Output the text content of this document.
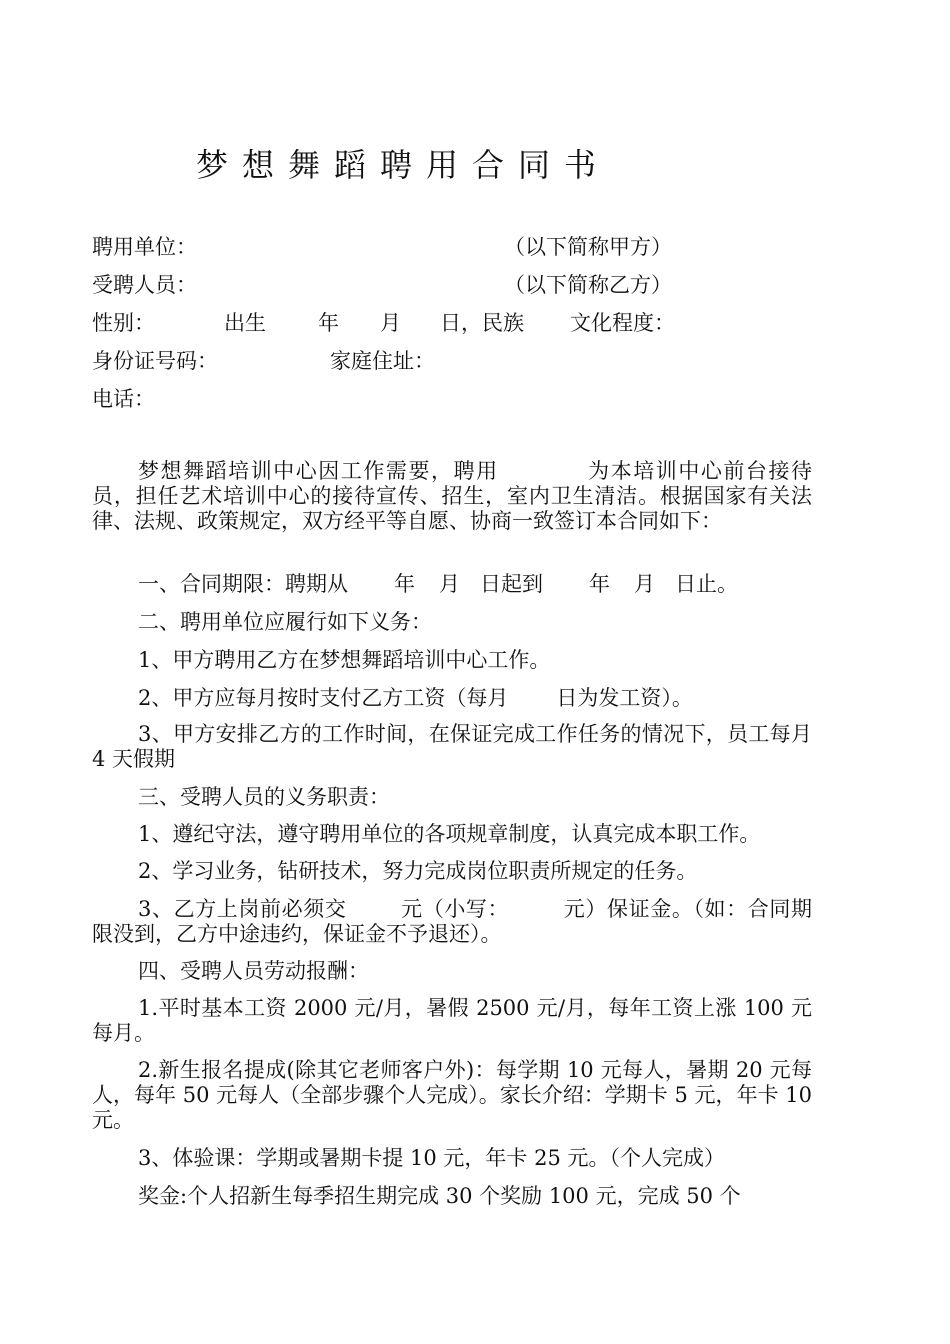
梦想舞蹈聘用合同书
聘用单位：	（以下简称甲方）
受聘人员：	（以下简称乙方）
性别：	出生 年 月 日，民族 文化程度：
身份证号码：	家庭住址：
电话：
梦想舞蹈培训中心因工作需要，聘用	为本培训中心前台接待员，担任艺术培训中心的接待宣传、招生，室内卫生清洁。根据国家有关法律、法规、政策规定，双方经平等自愿、协商一致签订本合同如下：
一、合同期限：聘期从 年 月 日起到 年 月 日止。
二、聘用单位应履行如下义务：
1、甲方聘用乙方在梦想舞蹈培训中心工作。
2、甲方应每月按时支付乙方工资（每月 日为发工资）。
3、甲方安排乙方的工作时间，在保证完成工作任务的情况下，员工每月 4 天假期
三、受聘人员的义务职责：
1、遵纪守法，遵守聘用单位的各项规章制度，认真完成本职工作。
2、学习业务，钻研技术，努力完成岗位职责所规定的任务。
3、乙方上岗前必须交	元（小写：	元）保证金。（如：合同期限没到，乙方中途违约，保证金不予退还）。
四、受聘人员劳动报酬：
1.平时基本工资 2000 元/月，暑假 2500 元/月，每年工资上涨 100 元每月。
2.新生报名提成(除其它老师客户外)：每学期 10 元每人，暑期 20 元每人，每年 50 元每人（全部步骤个人完成）。家长介绍：学期卡 5 元，年卡 10 元。
3、体验课：学期或暑期卡提 10 元，年卡 25 元。（个人完成）
奖金:个人招新生每季招生期完成 30 个奖励 100 元，完成 50 个
